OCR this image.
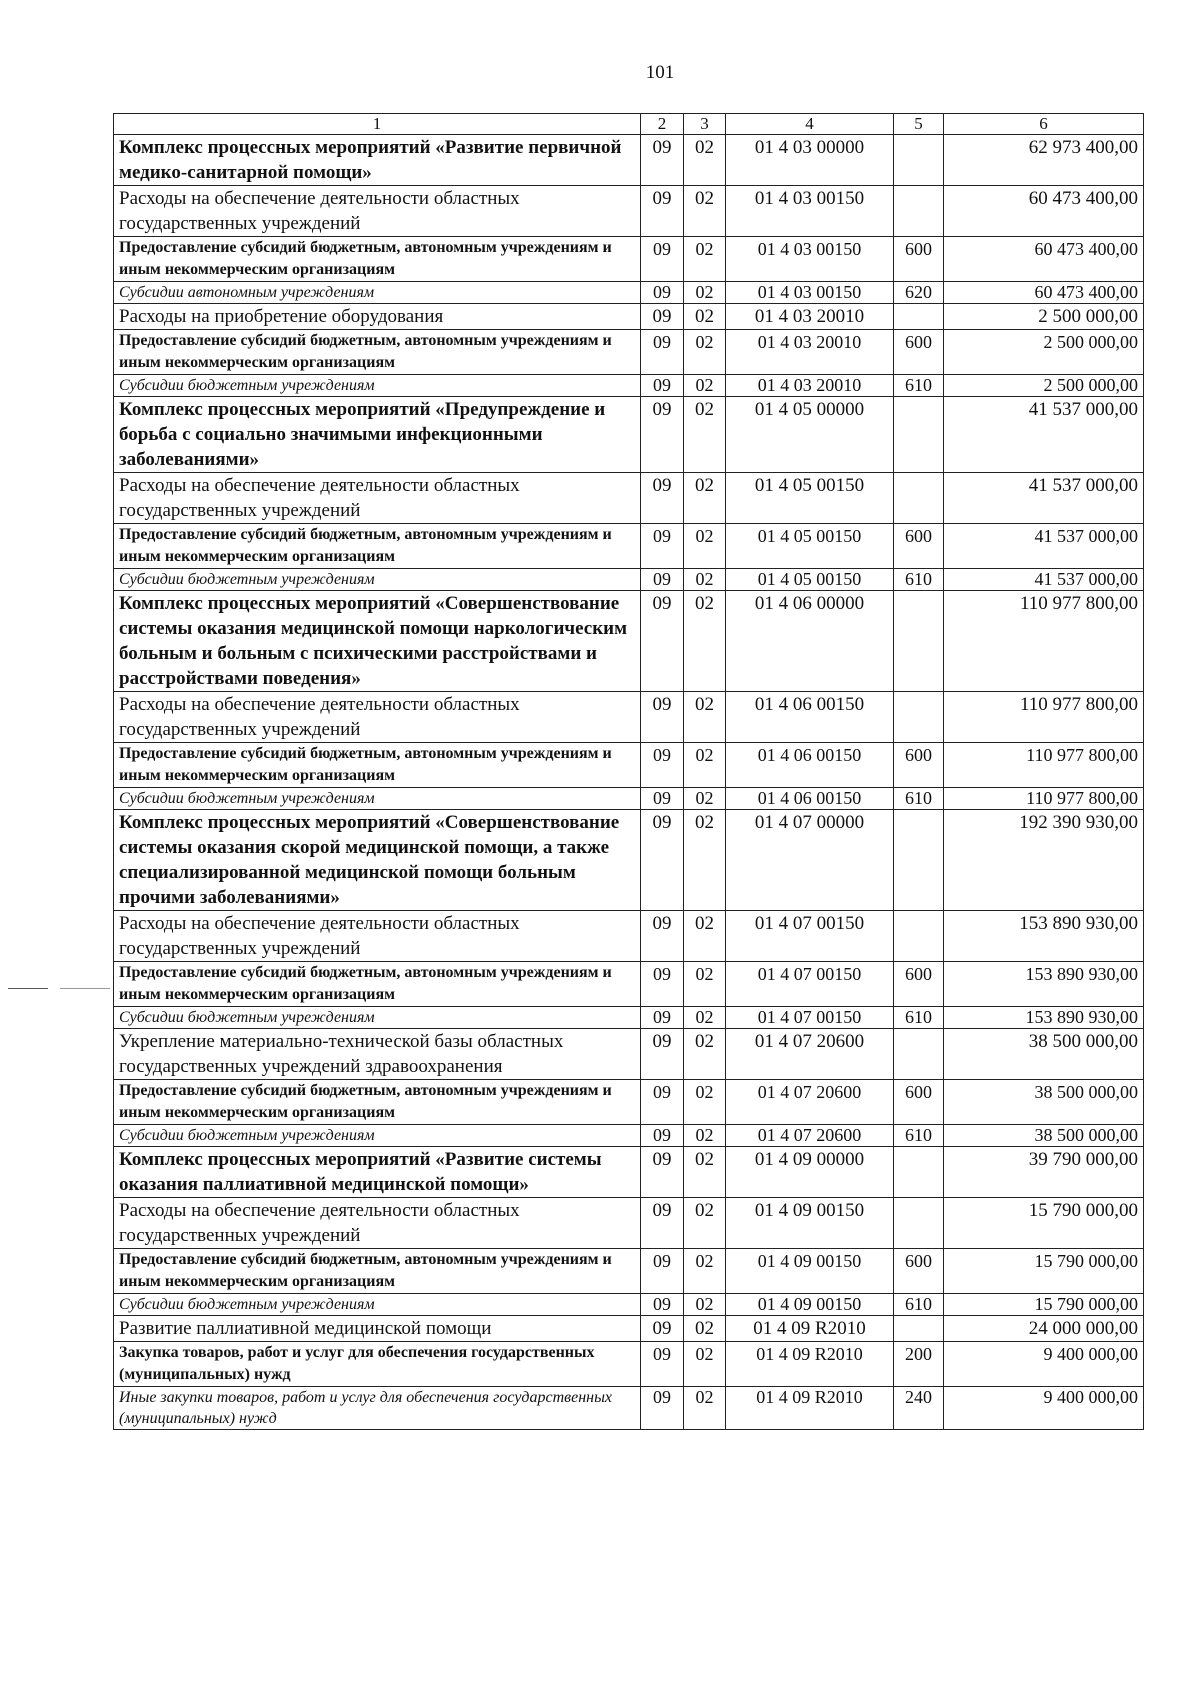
101
1	2	3	4	5	6
Комплекс процессных мероприятий «Развитие первичной медико-санитарной помощи»	09	02	01 4 03 00000		62 973 400,00
Расходы на обеспечение деятельности областных государственных учреждений	09	02	01 4 03 00150		60 473 400,00
Предоставление субсидий бюджетным, автономным учреждениям и иным некоммерческим организациям	09	02	01 4 03 00150	600	60 473 400,00
Субсидии автономным учреждениям	09	02	01 4 03 00150	620	60 473 400,00
Расходы на приобретение оборудования	09	02	01 4 03 20010		2 500 000,00
Предоставление субсидий бюджетным, автономным учреждениям и иным некоммерческим организациям	09	02	01 4 03 20010	600	2 500 000,00
Субсидии бюджетным учреждениям	09	02	01 4 03 20010	610	2 500 000,00
Комплекс процессных мероприятий «Предупреждение и борьба с социально значимыми инфекционными заболеваниями»	09	02	01 4 05 00000		41 537 000,00
Расходы на обеспечение деятельности областных государственных учреждений	09	02	01 4 05 00150		41 537 000,00
Предоставление субсидий бюджетным, автономным учреждениям и иным некоммерческим организациям	09	02	01 4 05 00150	600	41 537 000,00
Субсидии бюджетным учреждениям	09	02	01 4 05 00150	610	41 537 000,00
Комплекс процессных мероприятий «Совершенствование системы оказания медицинской помощи наркологическим больным и больным с психическими расстройствами и расстройствами поведения»	09	02	01 4 06 00000		110 977 800,00
Расходы на обеспечение деятельности областных государственных учреждений	09	02	01 4 06 00150		110 977 800,00
Предоставление субсидий бюджетным, автономным учреждениям и иным некоммерческим организациям	09	02	01 4 06 00150	600	110 977 800,00
Субсидии бюджетным учреждениям	09	02	01 4 06 00150	610	110 977 800,00
Комплекс процессных мероприятий «Совершенствование системы оказания скорой медицинской помощи, а также специализированной медицинской помощи больным прочими заболеваниями»	09	02	01 4 07 00000		192 390 930,00
Расходы на обеспечение деятельности областных государственных учреждений	09	02	01 4 07 00150		153 890 930,00
Предоставление субсидий бюджетным, автономным учреждениям и иным некоммерческим организациям	09	02	01 4 07 00150	600	153 890 930,00
Субсидии бюджетным учреждениям	09	02	01 4 07 00150	610	153 890 930,00
Укрепление материально-технической базы областных государственных учреждений здравоохранения	09	02	01 4 07 20600		38 500 000,00
Предоставление субсидий бюджетным, автономным учреждениям и иным некоммерческим организациям	09	02	01 4 07 20600	600	38 500 000,00
Субсидии бюджетным учреждениям	09	02	01 4 07 20600	610	38 500 000,00
Комплекс процессных мероприятий «Развитие системы оказания паллиативной медицинской помощи»	09	02	01 4 09 00000		39 790 000,00
Расходы на обеспечение деятельности областных государственных учреждений	09	02	01 4 09 00150		15 790 000,00
Предоставление субсидий бюджетным, автономным учреждениям и иным некоммерческим организациям	09	02	01 4 09 00150	600	15 790 000,00
Субсидии бюджетным учреждениям	09	02	01 4 09 00150	610	15 790 000,00
Развитие паллиативной медицинской помощи	09	02	01 4 09 R2010		24 000 000,00
Закупка товаров, работ и услуг для обеспечения государственных (муниципальных) нужд	09	02	01 4 09 R2010	200	9 400 000,00
Иные закупки товаров, работ и услуг для обеспечения государственных (муниципальных) нужд	09	02	01 4 09 R2010	240	9 400 000,00
